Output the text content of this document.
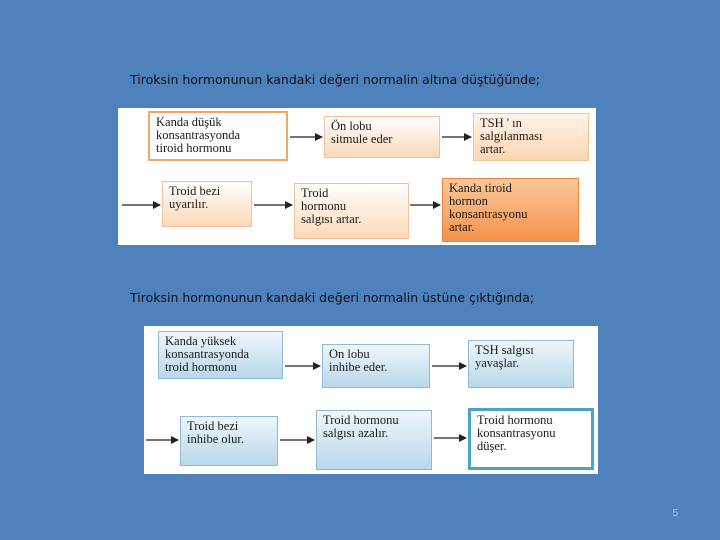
Tiroksin hormonunun kandaki değeri normalin altına düştüğünde;
Kanda düşük
konsantrasyonda
tiroid hormonu
Ön lobu
sitmule eder
TSH ' ın
salgılanması
artar.
Troid bezi
uyarılır.
Troid
hormonu
salgısı artar.
Kanda tiroid
hormon
konsantrasyonu
artar.
Tiroksin hormonunun kandaki değeri normalin üstüne çıktığında;
Kanda yüksek
konsantrasyonda
troid hormonu
On lobu
inhibe eder.
TSH salgısı
yavaşlar.
Troid bezi
inhibe olur.
Troid hormonu
salgısı azalır.
Troid hormonu
konsantrasyonu
düşer.
5
